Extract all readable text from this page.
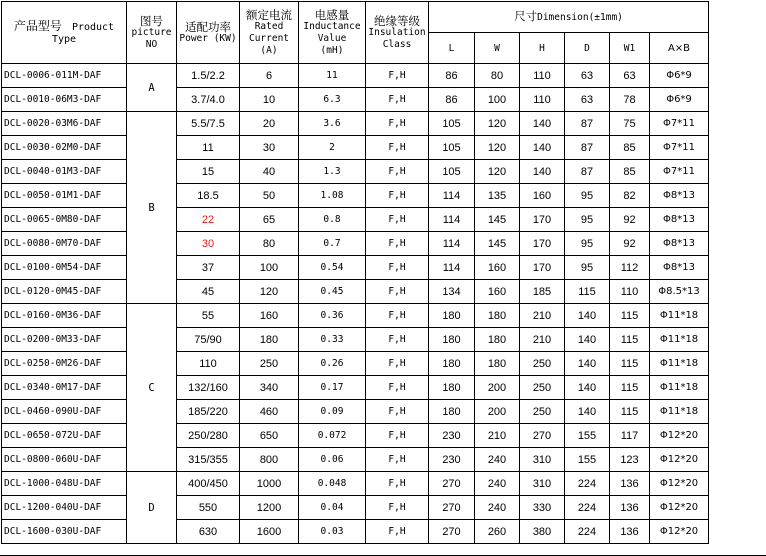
产品型号 Product
Type	图号
picture
NO	适配功率
Power (KW)	额定电流
Rated
Current
(A)	电感量
Inductance
Value
(mH)	绝缘等级
Insulation
Class	尺寸Dimension(±1mm)					
						L	W	H	D	W1	A×B
DCL-0006-011M-DAF	A	1.5/2.2	6	11	F,H	86	80	110	63	63	Φ6*9
DCL-0010-06M3-DAF		3.7/4.0	10	6.3	F,H	86	100	110	63	78	Φ6*9
DCL-0020-03M6-DAF	B	5.5/7.5	20	3.6	F,H	105	120	140	87	75	Φ7*11
DCL-0030-02M0-DAF		11	30	2	F,H	105	120	140	87	85	Φ7*11
DCL-0040-01M3-DAF		15	40	1.3	F,H	105	120	140	87	85	Φ7*11
DCL-0050-01M1-DAF		18.5	50	1.08	F,H	114	135	160	95	82	Φ8*13
DCL-0065-0M80-DAF		22	65	0.8	F,H	114	145	170	95	92	Φ8*13
DCL-0080-0M70-DAF		30	80	0.7	F,H	114	145	170	95	92	Φ8*13
DCL-0100-0M54-DAF		37	100	0.54	F,H	114	160	170	95	112	Φ8*13
DCL-0120-0M45-DAF		45	120	0.45	F,H	134	160	185	115	110	Φ8.5*13
DCL-0160-0M36-DAF	C	55	160	0.36	F,H	180	180	210	140	115	Φ11*18
DCL-0200-0M33-DAF		75/90	180	0.33	F,H	180	180	210	140	115	Φ11*18
DCL-0250-0M26-DAF		110	250	0.26	F,H	180	180	250	140	115	Φ11*18
DCL-0340-0M17-DAF		132/160	340	0.17	F,H	180	200	250	140	115	Φ11*18
DCL-0460-090U-DAF		185/220	460	0.09	F,H	180	200	250	140	115	Φ11*18
DCL-0650-072U-DAF		250/280	650	0.072	F,H	230	210	270	155	117	Φ12*20
DCL-0800-060U-DAF		315/355	800	0.06	F,H	230	240	310	155	123	Φ12*20
DCL-1000-048U-DAF	D	400/450	1000	0.048	F,H	270	240	310	224	136	Φ12*20
DCL-1200-040U-DAF		550	1200	0.04	F,H	270	240	330	224	136	Φ12*20
DCL-1600-030U-DAF		630	1600	0.03	F,H	270	260	380	224	136	Φ12*20
